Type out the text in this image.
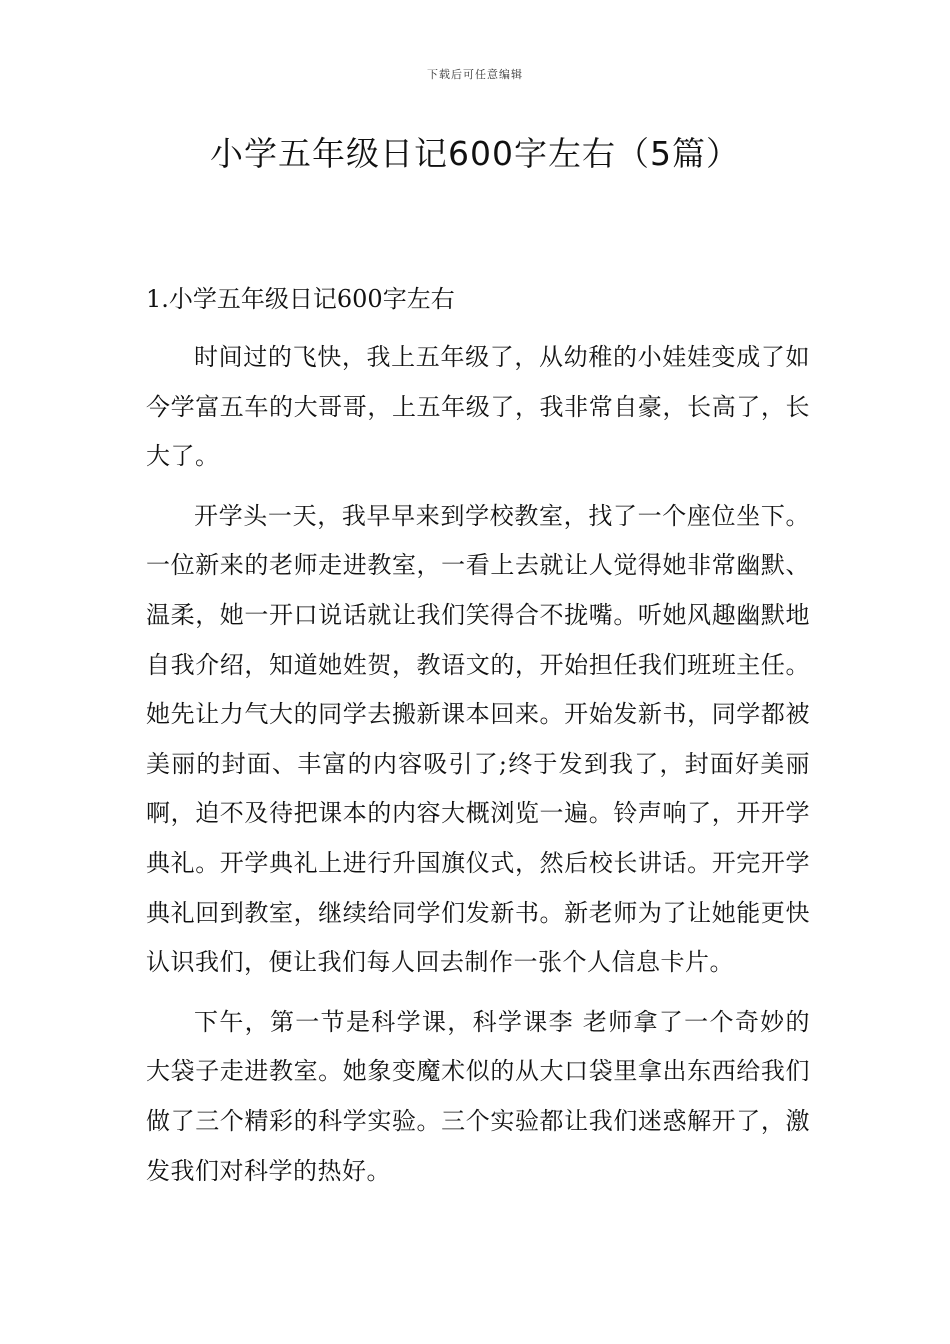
下载后可任意编辑
小学五年级日记600字左右（5篇）
1.小学五年级日记600字左右

时间过的飞快，我上五年级了，从幼稚的小娃娃变成了如今学富五车的大哥哥，上五年级了，我非常自豪，长高了，长大了。

开学头一天，我早早来到学校教室，找了一个座位坐下。一位新来的老师走进教室，一看上去就让人觉得她非常幽默、温柔，她一开口说话就让我们笑得合不拢嘴。听她风趣幽默地自我介绍，知道她姓贺，教语文的，开始担任我们班班主任。她先让力气大的同学去搬新课本回来。开始发新书，同学都被美丽的封面、丰富的内容吸引了;终于发到我了，封面好美丽啊，迫不及待把课本的内容大概浏览一遍。铃声响了，开开学典礼。开学典礼上进行升国旗仪式，然后校长讲话。开完开学典礼回到教室，继续给同学们发新书。新老师为了让她能更快认识我们，便让我们每人回去制作一张个人信息卡片。

下午，第一节是科学课，科学课李 老师拿了一个奇妙的大袋子走进教室。她象变魔术似的从大口袋里拿出东西给我们做了三个精彩的科学实验。三个实验都让我们迷惑解开了，激发我们对科学的热好。
